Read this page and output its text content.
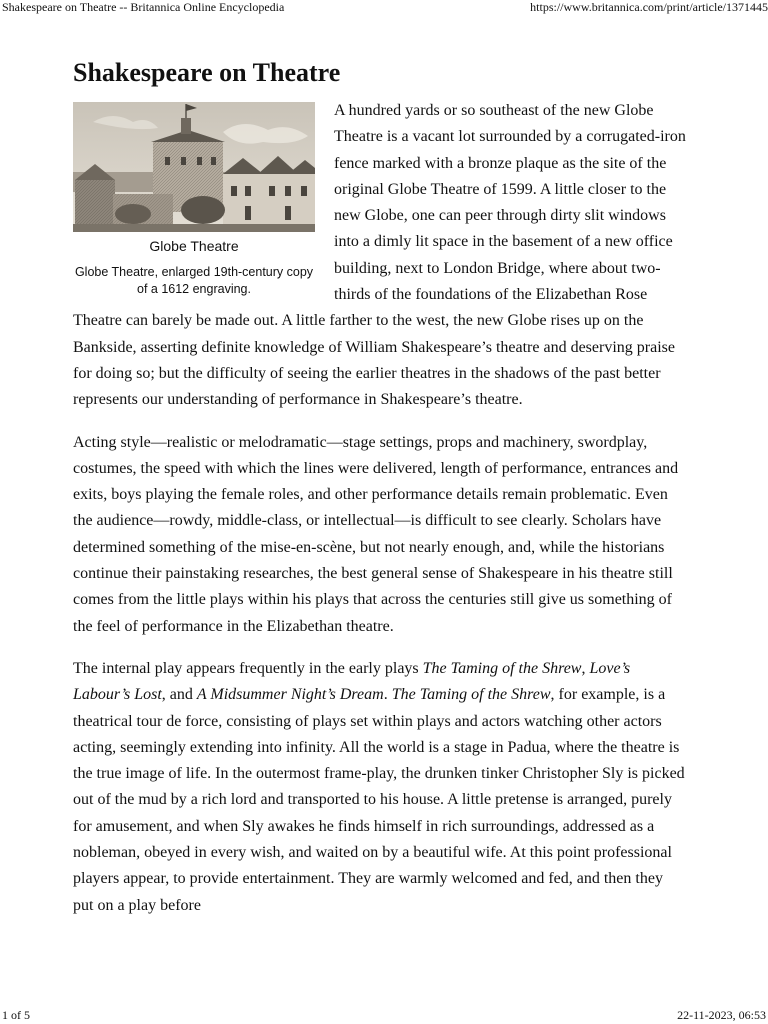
Shakespeare on Theatre -- Britannica Online Encyclopedia	https://www.britannica.com/print/article/1371445
Shakespeare on Theatre
Globe Theatre
Globe Theatre, enlarged 19th-century copy of a 1612 engraving.

A hundred yards or so southeast of the new Globe Theatre is a vacant lot surrounded by a corrugated-iron fence marked with a bronze plaque as the site of the original Globe Theatre of 1599. A little closer to the new Globe, one can peer through dirty slit windows into a dimly lit space in the basement of a new office building, next to London Bridge, where about two-thirds of the foundations of the Elizabethan Rose Theatre can barely be made out. A little farther to the west, the new Globe rises up on the Bankside, asserting definite knowledge of William Shakespeare’s theatre and deserving praise for doing so; but the difficulty of seeing the earlier theatres in the shadows of the past better represents our understanding of performance in Shakespeare’s theatre.

Acting style—realistic or melodramatic—stage settings, props and machinery, swordplay, costumes, the speed with which the lines were delivered, length of performance, entrances and exits, boys playing the female roles, and other performance details remain problematic. Even the audience—rowdy, middle-class, or intellectual—is difficult to see clearly. Scholars have determined something of the mise-en-scène, but not nearly enough, and, while the historians continue their painstaking researches, the best general sense of Shakespeare in his theatre still comes from the little plays within his plays that across the centuries still give us something of the feel of performance in the Elizabethan theatre.

The internal play appears frequently in the early plays The Taming of the Shrew, Love’s Labour’s Lost, and A Midsummer Night’s Dream. The Taming of the Shrew, for example, is a theatrical tour de force, consisting of plays set within plays and actors watching other actors acting, seemingly extending into infinity. All the world is a stage in Padua, where the theatre is the true image of life. In the outermost frame-play, the drunken tinker Christopher Sly is picked out of the mud by a rich lord and transported to his house. A little pretense is arranged, purely for amusement, and when Sly awakes he finds himself in rich surroundings, addressed as a nobleman, obeyed in every wish, and waited on by a beautiful wife. At this point professional players appear, to provide entertainment. They are warmly welcomed and fed, and then they put on a play before

1 of 5	22-11-2023, 06:53
